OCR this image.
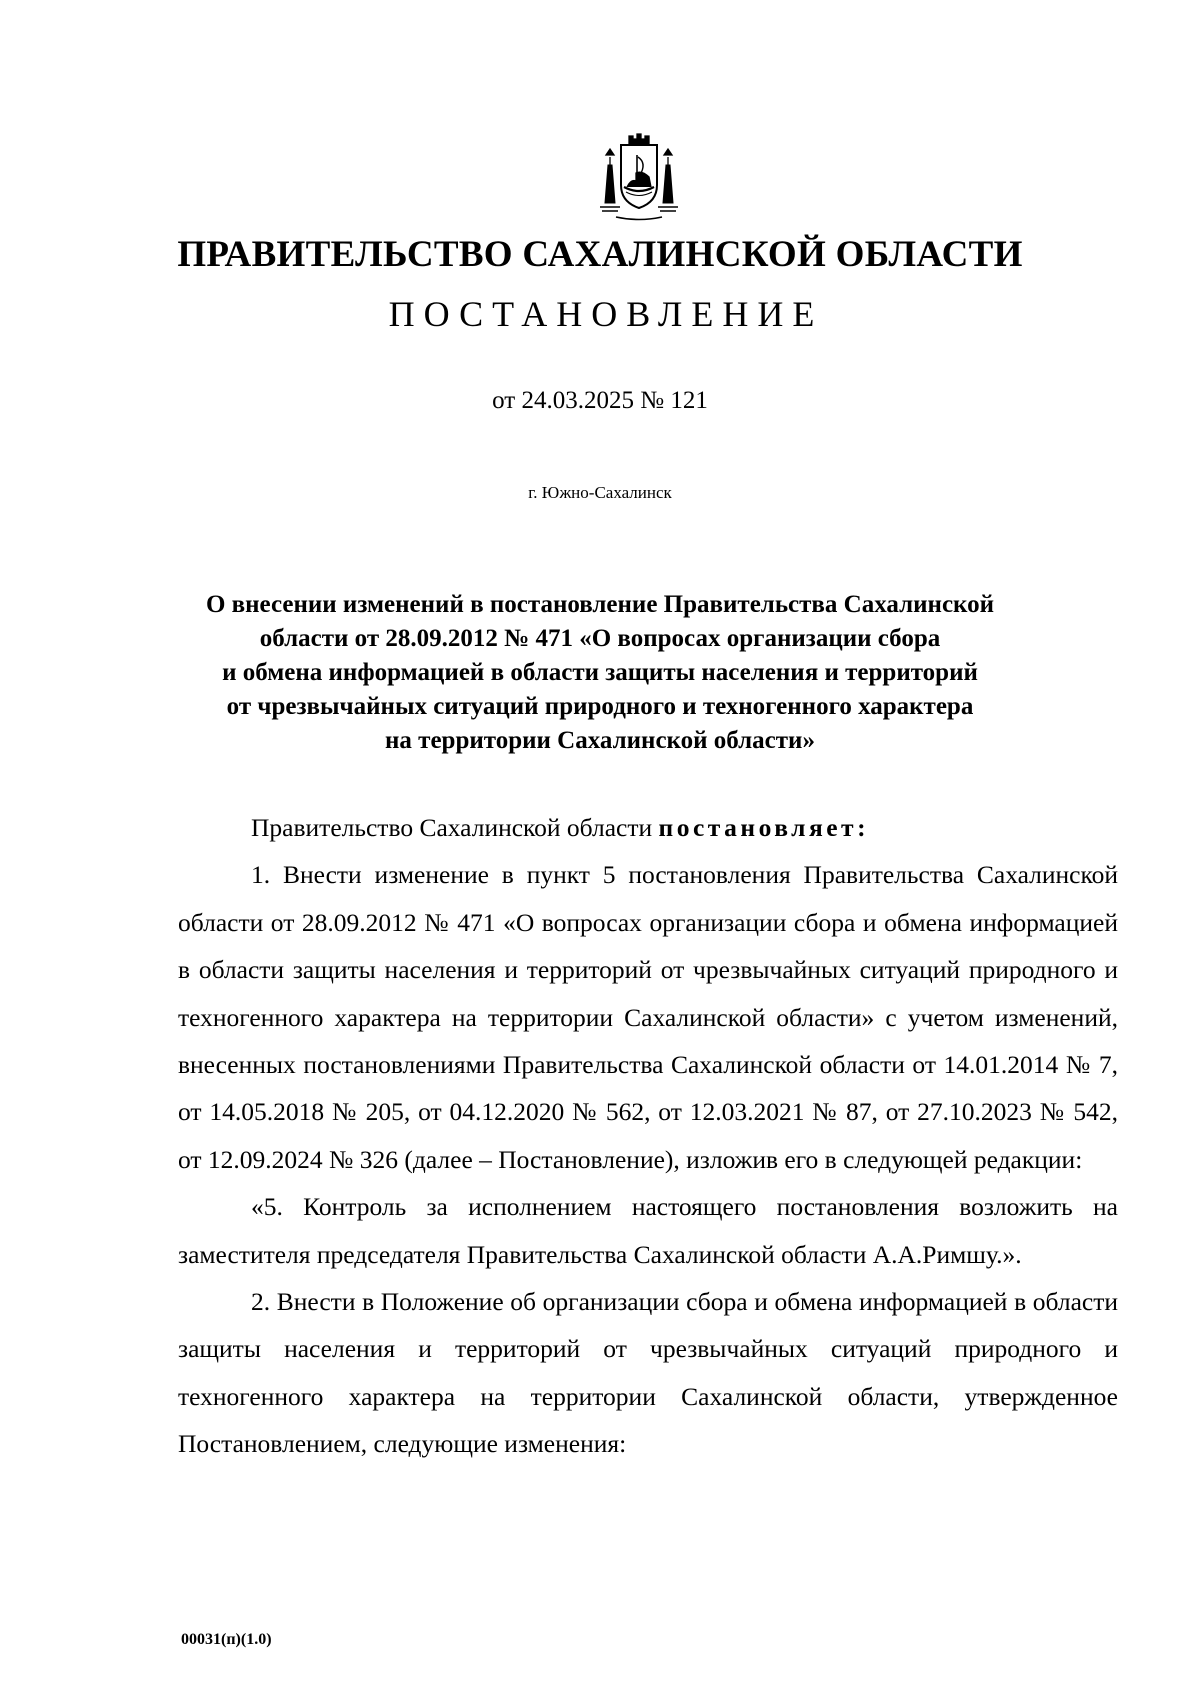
ПРАВИТЕЛЬСТВО САХАЛИНСКОЙ ОБЛАСТИ
ПОСТАНОВЛЕНИЕ
от 24.03.2025 № 121
г. Южно-Сахалинск

О внесении изменений в постановление Правительства Сахалинской
области от 28.09.2012 № 471 «О вопросах организации сбора
и обмена информацией в области защиты населения и территорий
от чрезвычайных ситуаций природного и техногенного характера
на территории Сахалинской области»

Правительство Сахалинской области постановляет:

1. Внести изменение в пункт 5 постановления Правительства Сахалинской области от 28.09.2012 № 471 «О вопросах организации сбора и обмена информацией в области защиты населения и территорий от чрезвычайных ситуаций природного и техногенного характера на территории Сахалинской области» с учетом изменений, внесенных постановлениями Правительства Сахалинской области от 14.01.2014 № 7, от 14.05.2018 № 205, от 04.12.2020 № 562, от 12.03.2021 № 87, от 27.10.2023 № 542, от 12.09.2024 № 326 (далее – Постановление), изложив его в следующей редакции:

«5. Контроль за исполнением настоящего постановления возложить на заместителя председателя Правительства Сахалинской области А.А.Римшу.».

2. Внести в Положение об организации сбора и обмена информацией в области защиты населения и территорий от чрезвычайных ситуаций природного и техногенного характера на территории Сахалинской области, утвержденное Постановлением, следующие изменения:

00031(п)(1.0)
